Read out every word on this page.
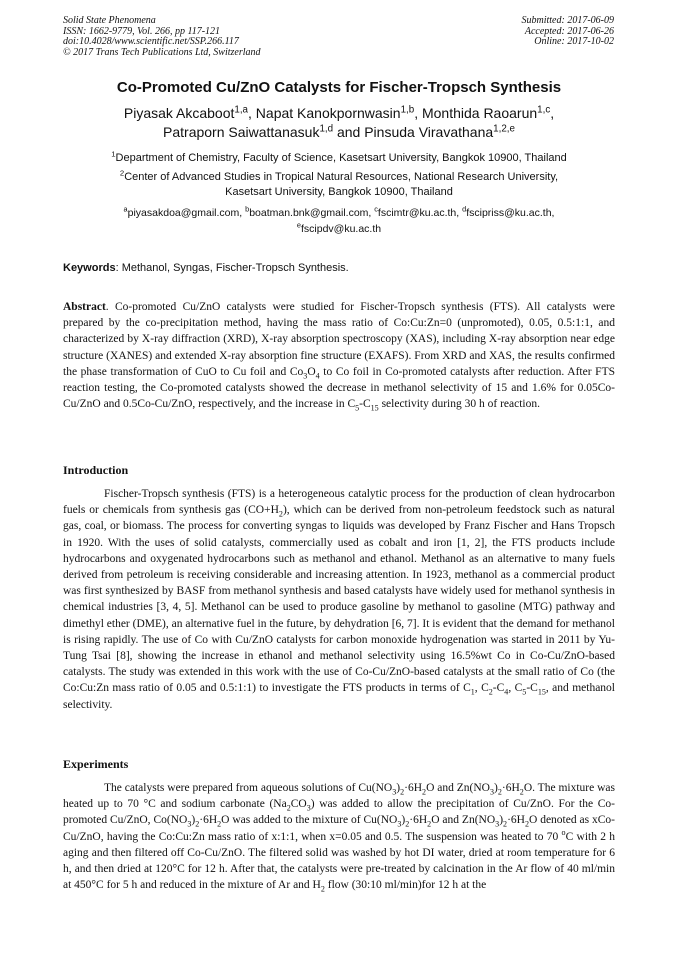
Solid State Phenomena
ISSN: 1662-9779, Vol. 266, pp 117-121
doi:10.4028/www.scientific.net/SSP.266.117
© 2017 Trans Tech Publications Ltd, Switzerland
Submitted: 2017-06-09
Accepted: 2017-06-26
Online: 2017-10-02
Co-Promoted Cu/ZnO Catalysts for Fischer-Tropsch Synthesis
Piyasak Akcaboot$^{1,a}$, Napat Kanokpornwasin$^{1,b}$, Monthida Raoarun$^{1,c}$,
Patraporn Saiwattanasuk$^{1,d}$ and Pinsuda Viravathana$^{1,2,e}$
$^1$Department of Chemistry, Faculty of Science, Kasetsart University, Bangkok 10900, Thailand
$^2$Center of Advanced Studies in Tropical Natural Resources, National Research University,
Kasetsart University, Bangkok 10900, Thailand
$^a$piyasakdoa@gmail.com, $^b$boatman.bnk@gmail.com, $^c$fscimtr@ku.ac.th, $^d$fscipriss@ku.ac.th,
$^e$fscipdv@ku.ac.th
Keywords: Methanol, Syngas, Fischer-Tropsch Synthesis.

Abstract. Co-promoted Cu/ZnO catalysts were studied for Fischer-Tropsch synthesis (FTS). All catalysts were prepared by the co-precipitation method, having the mass ratio of Co:Cu:Zn=0 (unpromoted), 0.05, 0.5:1:1, and characterized by X-ray diffraction (XRD), X-ray absorption spectroscopy (XAS), including X-ray absorption near edge structure (XANES) and extended X-ray absorption fine structure (EXAFS). From XRD and XAS, the results confirmed the phase transformation of CuO to Cu foil and $Co_3O_4$ to Co foil in Co-promoted catalysts after reduction. After FTS reaction testing, the Co-promoted catalysts showed the decrease in methanol selectivity of 15 and 1.6% for 0.05Co-Cu/ZnO and 0.5Co-Cu/ZnO, respectively, and the increase in $C_5-C_{15}$ selectivity during 30 h of reaction.

Introduction

Fischer-Tropsch synthesis (FTS) is a heterogeneous catalytic process for the production of clean hydrocarbon fuels or chemicals from synthesis gas $(CO+H_2)$, which can be derived from non-petroleum feedstock such as natural gas, coal, or biomass. The process for converting syngas to liquids was developed by Franz Fischer and Hans Tropsch in 1920. With the uses of solid catalysts, commercially used as cobalt and iron [1, 2], the FTS products include hydrocarbons and oxygenated hydrocarbons such as methanol and ethanol. Methanol as an alternative to many fuels derived from petroleum is receiving considerable and increasing attention. In 1923, methanol as a commercial product was first synthesized by BASF from methanol synthesis and based catalysts have widely used for methanol synthesis in chemical industries [3, 4, 5]. Methanol can be used to produce gasoline by methanol to gasoline (MTG) pathway and dimethyl ether (DME), an alternative fuel in the future, by dehydration [6, 7]. It is evident that the demand for methanol is rising rapidly. The use of Co with Cu/ZnO catalysts for carbon monoxide hydrogenation was started in 2011 by Yu-Tung Tsai [8], showing the increase in ethanol and methanol selectivity using 16.5%wt Co in Co-Cu/ZnO-based catalysts. The study was extended in this work with the use of Co-Cu/ZnO-based catalysts at the small ratio of Co (the Co:Cu:Zn mass ratio of 0.05 and 0.5:1:1) to investigate the FTS products in terms of $C_1$, $C_2-C_4$, $C_5-C_{15}$, and methanol selectivity.

Experiments

The catalysts were prepared from aqueous solutions of $Cu(NO_3)_2\cdot 6H_2O$ and $Zn(NO_3)_2\cdot 6H_2O$. The mixture was heated up to 70 °C and sodium carbonate $(Na_2CO_3)$ was added to allow the precipitation of Cu/ZnO. For the Co-promoted Cu/ZnO, $Co(NO_3)_2\cdot 6H_2O$ was added to the mixture of $Cu(NO_3)_2\cdot 6H_2O$ and $Zn(NO_3)_2\cdot 6H_2O$ denoted as xCo-Cu/ZnO, having the Co:Cu:Zn mass ratio of x:1:1, when x=0.05 and 0.5. The suspension was heated to 70 $^o$C with 2 h aging and then filtered off Co-Cu/ZnO. The filtered solid was washed by hot DI water, dried at room temperature for 6 h, and then dried at 120°C for 12 h. After that, the catalysts were pre-treated by calcination in the Ar flow of 40 ml/min at 450°C for 5 h and reduced in the mixture of Ar and $H_2$ flow (30:10 ml/min)for 12 h at the
